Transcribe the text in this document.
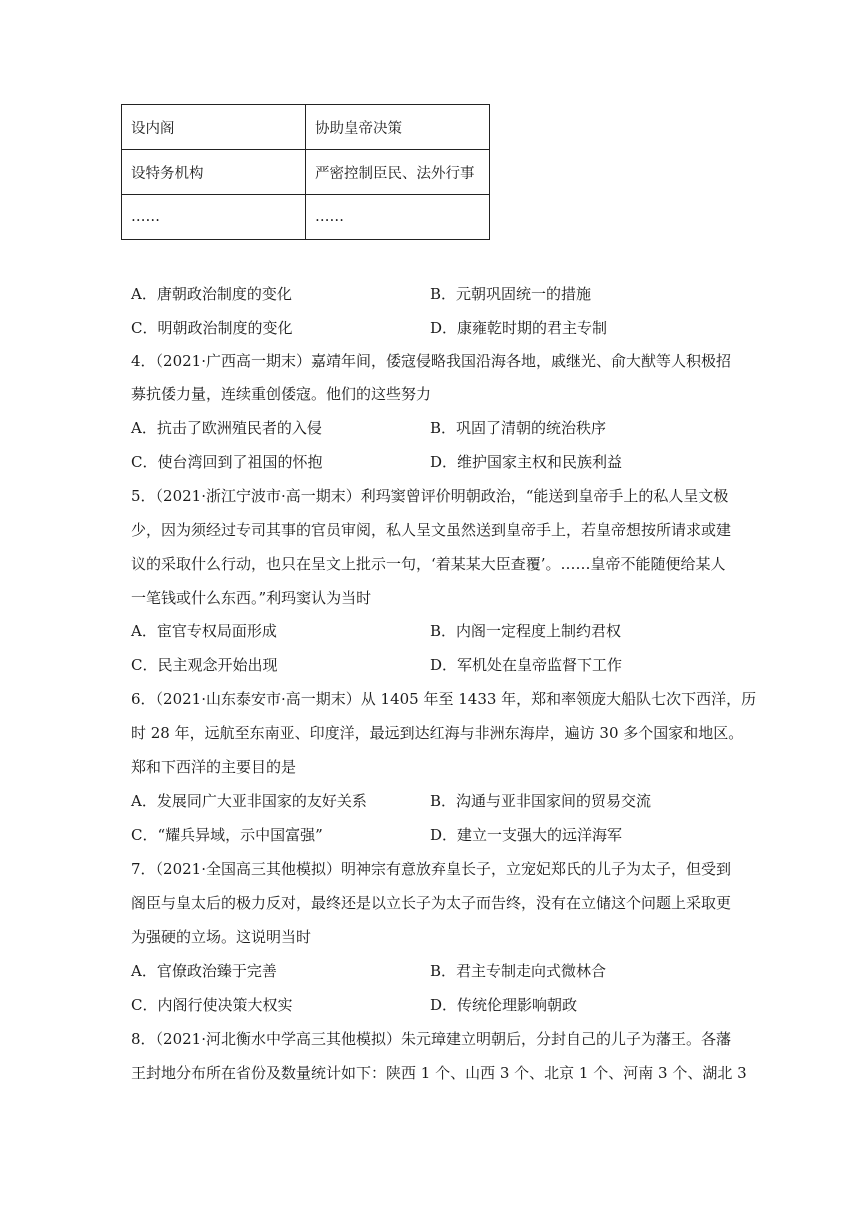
设内阁	协助皇帝决策
设特务机构	严密控制臣民、法外行事
……	……
A．唐朝政治制度的变化	B．元朝巩固统一的措施
C．明朝政治制度的变化	D．康雍乾时期的君主专制
4．（2021·广西高一期末）嘉靖年间，倭寇侵略我国沿海各地，戚继光、俞大猷等人积极招
募抗倭力量，连续重创倭寇。他们的这些努力
A．抗击了欧洲殖民者的入侵	B．巩固了清朝的统治秩序
C．使台湾回到了祖国的怀抱	D．维护国家主权和民族利益
5．（2021·浙江宁波市·高一期末）利玛窦曾评价明朝政治，“能送到皇帝手上的私人呈文极
少，因为须经过专司其事的官员审阅，私人呈文虽然送到皇帝手上，若皇帝想按所请求或建
议的采取什么行动，也只在呈文上批示一句，‘着某某大臣查覆’。……皇帝不能随便给某人
一笔钱或什么东西。”利玛窦认为当时
A．宦官专权局面形成	B．内阁一定程度上制约君权
C．民主观念开始出现	D．军机处在皇帝监督下工作
6．（2021·山东泰安市·高一期末）从 1405 年至 1433 年，郑和率领庞大船队七次下西洋，历
时 28 年，远航至东南亚、印度洋，最远到达红海与非洲东海岸，遍访 30 多个国家和地区。
郑和下西洋的主要目的是
A．发展同广大亚非国家的友好关系	B．沟通与亚非国家间的贸易交流
C．“耀兵异域，示中国富强”	D．建立一支强大的远洋海军
7．（2021·全国高三其他模拟）明神宗有意放弃皇长子，立宠妃郑氏的儿子为太子，但受到
阁臣与皇太后的极力反对，最终还是以立长子为太子而告终，没有在立储这个问题上采取更
为强硬的立场。这说明当时
A．官僚政治臻于完善	B．君主专制走向式微林合
C．内阁行使决策大权实	D．传统伦理影响朝政
8．（2021·河北衡水中学高三其他模拟）朱元璋建立明朝后，分封自己的儿子为藩王。各藩
王封地分布所在省份及数量统计如下：陕西 1 个、山西 3 个、北京 1 个、河南 3 个、湖北 3
